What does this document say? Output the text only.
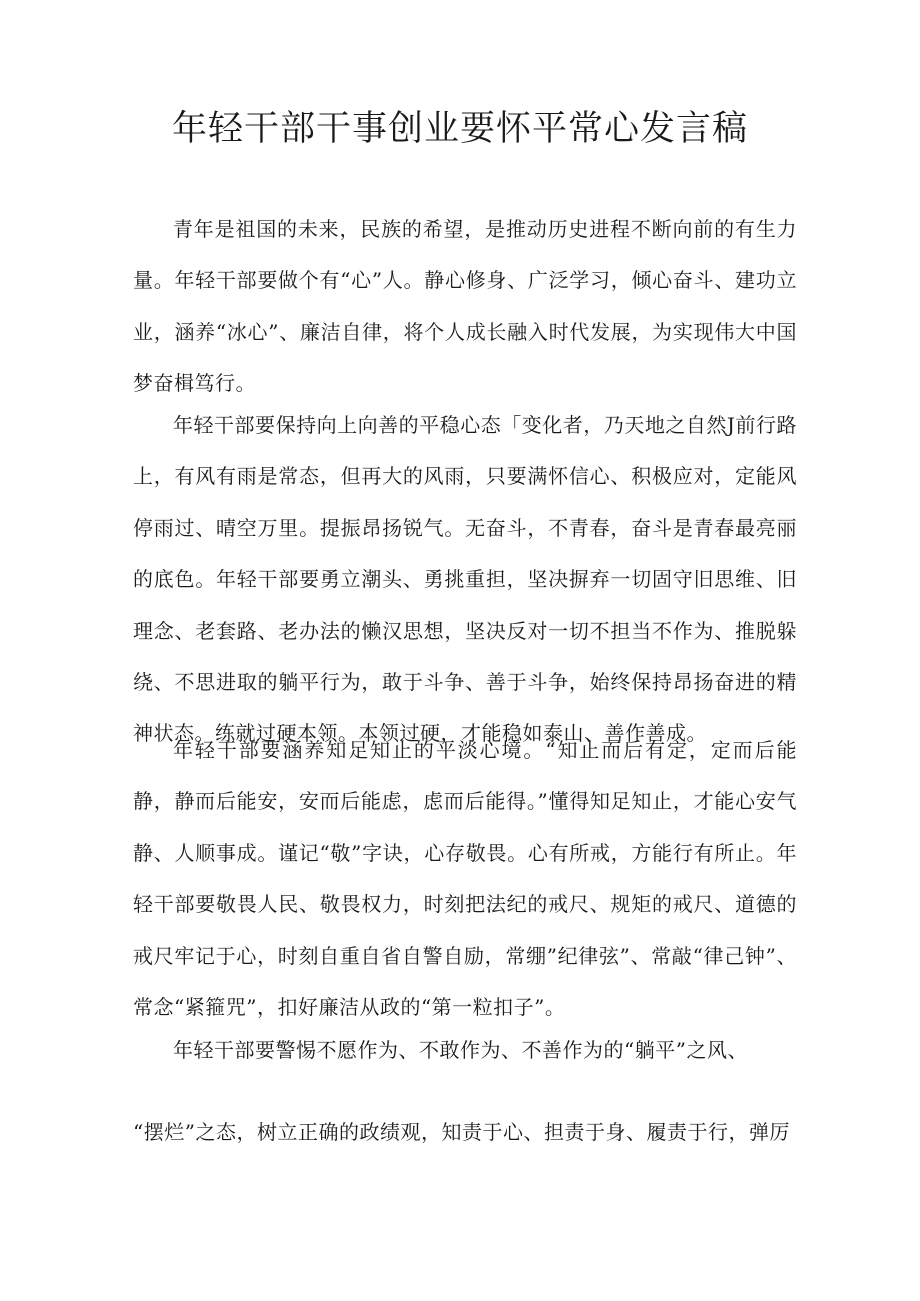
年轻干部干事创业要怀平常心发言稿

青年是祖国的未来，民族的希望，是推动历史进程不断向前的有生力量。年轻干部要做个有“心”人。静心修身、广泛学习，倾心奋斗、建功立业，涵养“冰心”、廉洁自律，将个人成长融入时代发展，为实现伟大中国梦奋楫笃行。

年轻干部要保持向上向善的平稳心态「变化者，乃天地之自然J前行路上，有风有雨是常态，但再大的风雨，只要满怀信心、积极应对，定能风停雨过、晴空万里。提振昂扬锐气。无奋斗，不青春，奋斗是青春最亮丽的底色。年轻干部要勇立潮头、勇挑重担，坚决摒弃一切固守旧思维、旧理念、老套路、老办法的懒汉思想，坚决反对一切不担当不作为、推脱躲绕、不思进取的躺平行为，敢于斗争、善于斗争，始终保持昂扬奋进的精神状态。练就过硬本领。本领过硬，才能稳如泰山、善作善成。

年轻干部要涵养知足知止的平淡心境。“知止而后有定，定而后能静，静而后能安，安而后能虑，虑而后能得。”懂得知足知止，才能心安气静、人顺事成。谨记“敬”字诀，心存敬畏。心有所戒，方能行有所止。年轻干部要敬畏人民、敬畏权力，时刻把法纪的戒尺、规矩的戒尺、道德的戒尺牢记于心，时刻自重自省自警自励，常绷”纪律弦”、常敲“律己钟”、常念“紧箍咒”，扣好廉洁从政的“第一粒扣子”。

年轻干部要警惕不愿作为、不敢作为、不善作为的“躺平”之风、

“摆烂”之态，树立正确的政绩观，知责于心、担责于身、履责于行，弹厉
